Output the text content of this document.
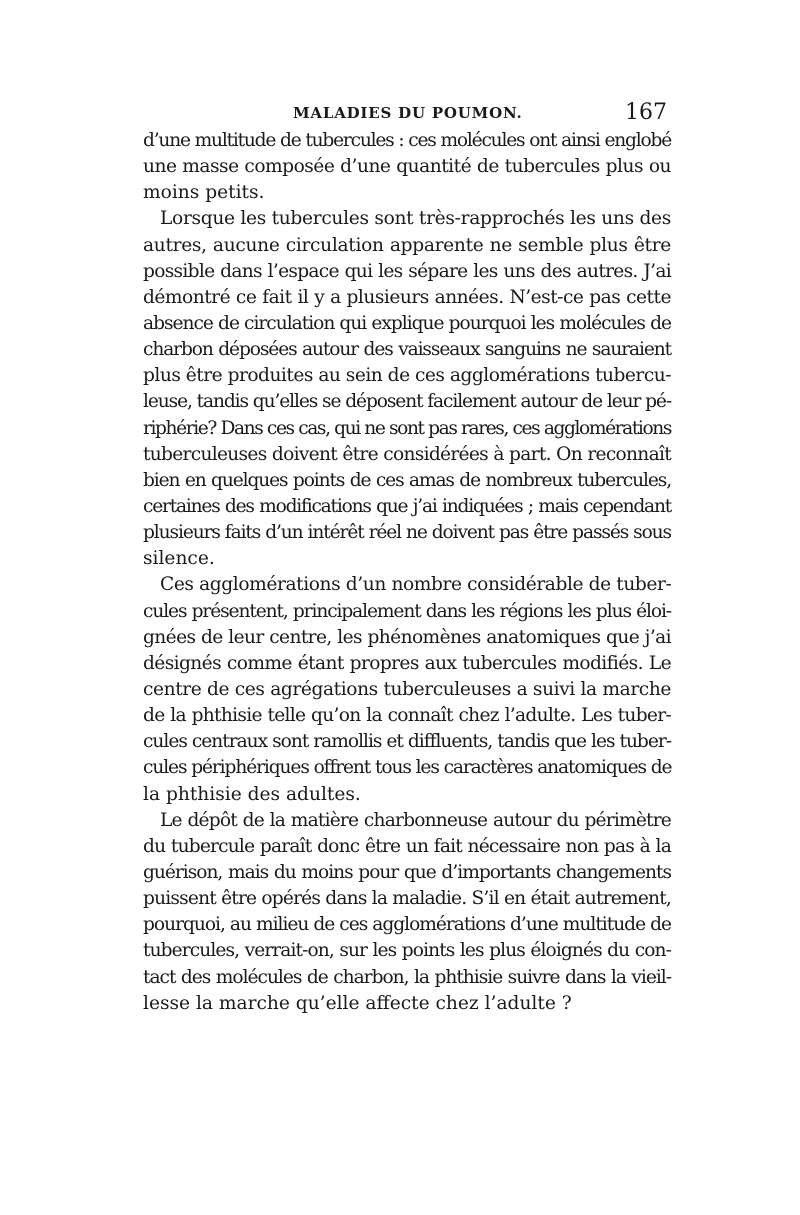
MALADIES DU POUMON.	167
d’une multitude de tubercules : ces molécules ont ainsi englobé
une masse composée d’une quantité de tubercules plus ou
moins petits.
Lorsque les tubercules sont très-rapprochés les uns des
autres, aucune circulation apparente ne semble plus être
possible dans l’espace qui les sépare les uns des autres. J’ai
démontré ce fait il y a plusieurs années. N’est-ce pas cette
absence de circulation qui explique pourquoi les molécules de
charbon déposées autour des vaisseaux sanguins ne sauraient
plus être produites au sein de ces agglomérations tubercu-
leuse, tandis qu’elles se déposent facilement autour de leur pé-
riphérie? Dans ces cas, qui ne sont pas rares, ces agglomérations
tuberculeuses doivent être considérées à part. On reconnaît
bien en quelques points de ces amas de nombreux tubercules,
certaines des modifications que j’ai indiquées ; mais cependant
plusieurs faits d’un intérêt réel ne doivent pas être passés sous
silence.
Ces agglomérations d’un nombre considérable de tuber-
cules présentent, principalement dans les régions les plus éloi-
gnées de leur centre, les phénomènes anatomiques que j’ai
désignés comme étant propres aux tubercules modifiés. Le
centre de ces agrégations tuberculeuses a suivi la marche
de la phthisie telle qu’on la connaît chez l’adulte. Les tuber-
cules centraux sont ramollis et diffluents, tandis que les tuber-
cules périphériques offrent tous les caractères anatomiques de
la phthisie des adultes.
Le dépôt de la matière charbonneuse autour du périmètre
du tubercule paraît donc être un fait nécessaire non pas à la
guérison, mais du moins pour que d’importants changements
puissent être opérés dans la maladie. S’il en était autrement,
pourquoi, au milieu de ces agglomérations d’une multitude de
tubercules, verrait-on, sur les points les plus éloignés du con-
tact des molécules de charbon, la phthisie suivre dans la vieil-
lesse la marche qu’elle affecte chez l’adulte ?
